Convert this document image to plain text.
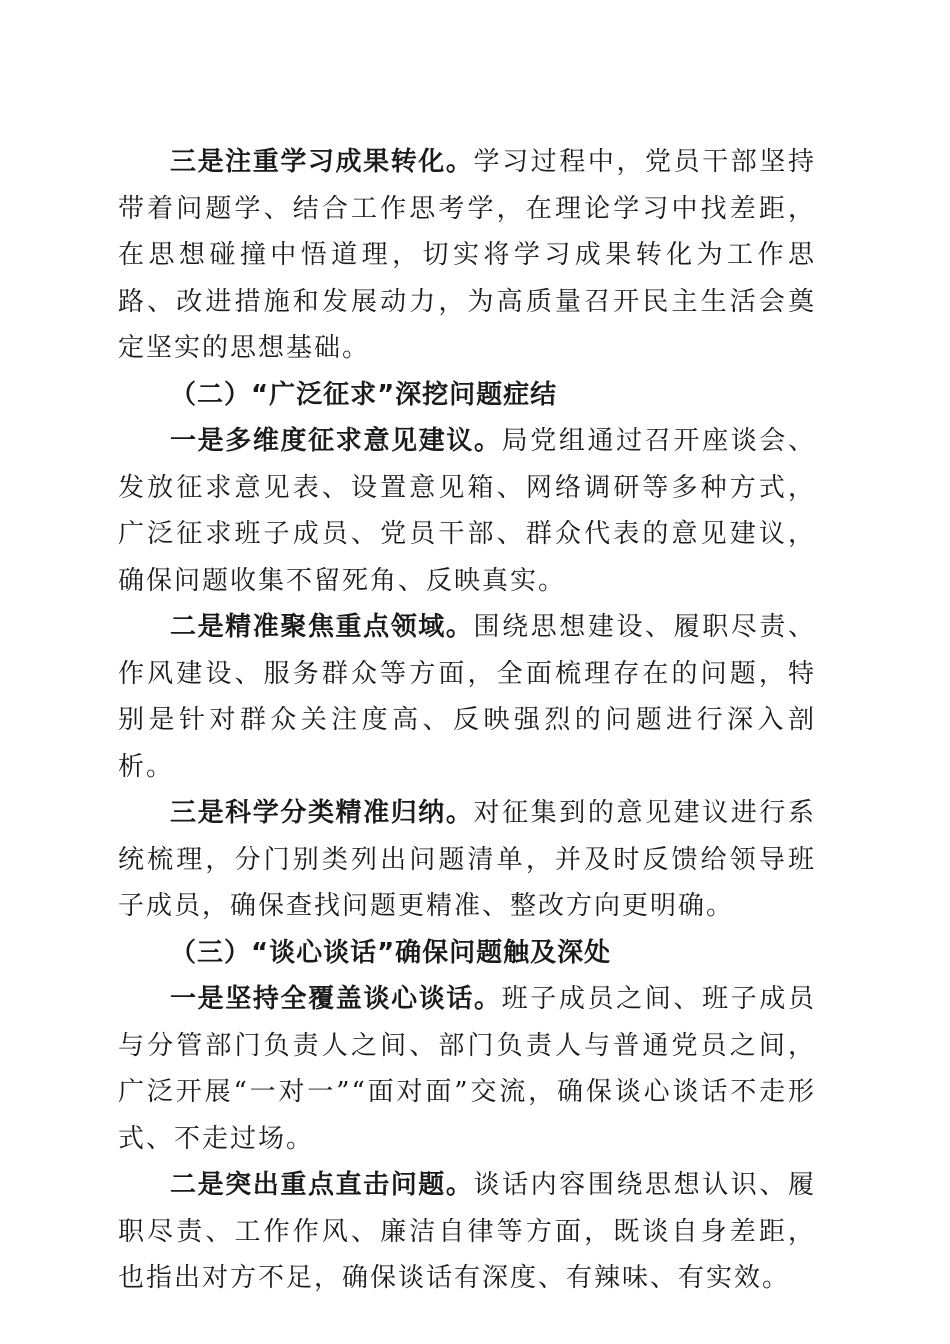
三是注重学习成果转化。学习过程中，党员干部坚持带着问题学、结合工作思考学，在理论学习中找差距，在思想碰撞中悟道理，切实将学习成果转化为工作思路、改进措施和发展动力，为高质量召开民主生活会奠定坚实的思想基础。

（二）“广泛征求”深挖问题症结

一是多维度征求意见建议。局党组通过召开座谈会、发放征求意见表、设置意见箱、网络调研等多种方式，广泛征求班子成员、党员干部、群众代表的意见建议，确保问题收集不留死角、反映真实。

二是精准聚焦重点领域。围绕思想建设、履职尽责、作风建设、服务群众等方面，全面梳理存在的问题，特别是针对群众关注度高、反映强烈的问题进行深入剖析。

三是科学分类精准归纳。对征集到的意见建议进行系统梳理，分门别类列出问题清单，并及时反馈给领导班子成员，确保查找问题更精准、整改方向更明确。

（三）“谈心谈话”确保问题触及深处

一是坚持全覆盖谈心谈话。班子成员之间、班子成员与分管部门负责人之间、部门负责人与普通党员之间，广泛开展“一对一”“面对面”交流，确保谈心谈话不走形式、不走过场。

二是突出重点直击问题。谈话内容围绕思想认识、履职尽责、工作作风、廉洁自律等方面，既谈自身差距，也指出对方不足，确保谈话有深度、有辣味、有实效。
